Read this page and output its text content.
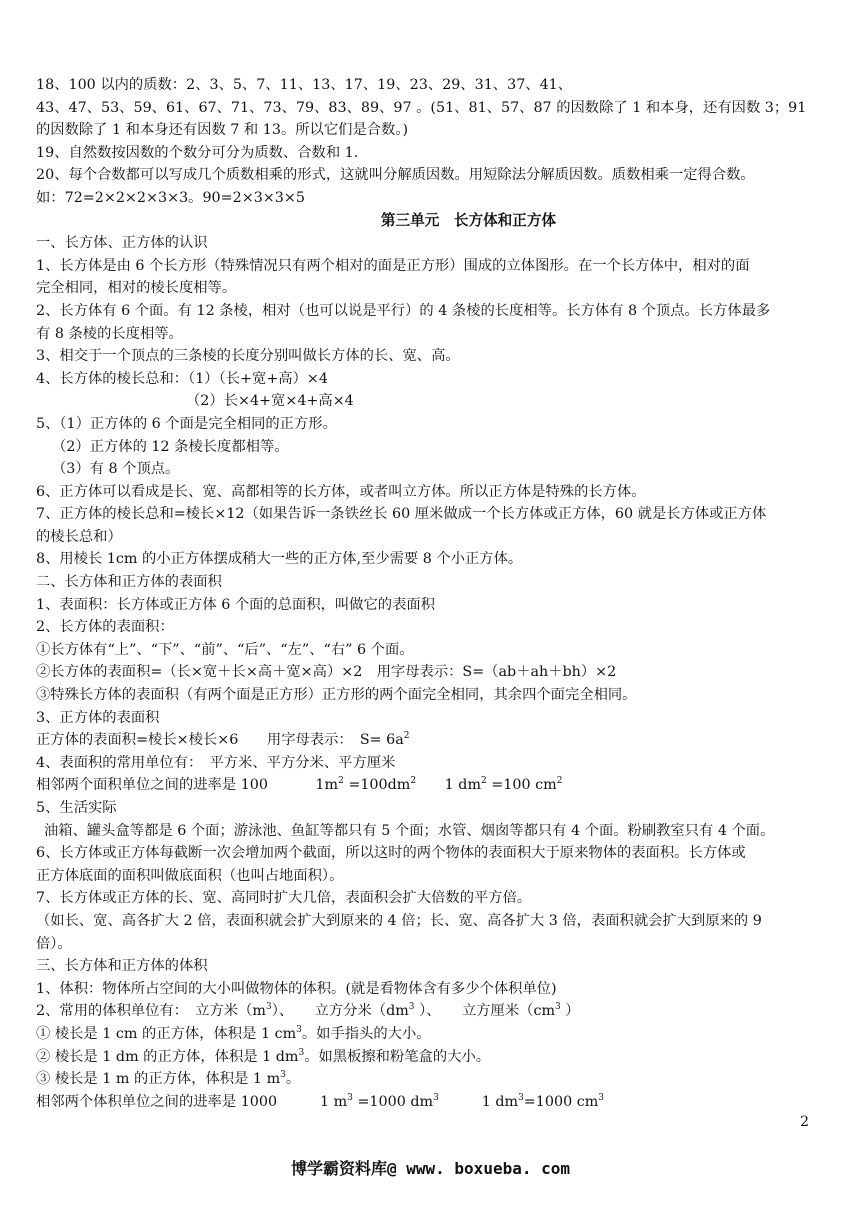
18、100 以内的质数：2、3、5、7、11、13、17、19、23、29、31、37、41、
43、47、53、59、61、67、71、73、79、83、89、97 。(51、81、57、87 的因数除了 1 和本身，还有因数 3；91
的因数除了 1 和本身还有因数 7 和 13。所以它们是合数。)
19、自然数按因数的个数分可分为质数、合数和 1.
20、每个合数都可以写成几个质数相乘的形式，这就叫分解质因数。用短除法分解质因数。质数相乘一定得合数。
如：72=2×2×2×3×3。90=2×3×3×5
第三单元　长方体和正方体
一、长方体、正方体的认识
1、长方体是由 6 个长方形（特殊情况只有两个相对的面是正方形）围成的立体图形。在一个长方体中，相对的面
完全相同，相对的棱长度相等。
2、长方体有 6 个面。有 12 条棱，相对（也可以说是平行）的 4 条棱的长度相等。长方体有 8 个顶点。长方体最多
有 8 条棱的长度相等。
3、相交于一个顶点的三条棱的长度分别叫做长方体的长、宽、高。
4、长方体的棱长总和：（1）（长+宽+高）×4
（2）长×4+宽×4+高×4
5、（1）正方体的 6 个面是完全相同的正方形。
（2）正方体的 12 条棱长度都相等。
（3）有 8 个顶点。
6、正方体可以看成是长、宽、高都相等的长方体，或者叫立方体。所以正方体是特殊的长方体。
7、正方体的棱长总和=棱长×12（如果告诉一条铁丝长 60 厘米做成一个长方体或正方体，60 就是长方体或正方体
的棱长总和）
8、用棱长 1cm 的小正方体摆成稍大一些的正方体,至少需要 8 个小正方体。
二、长方体和正方体的表面积
1、表面积：长方体或正方体 6 个面的总面积，叫做它的表面积
2、长方体的表面积：
①长方体有“上”、“下”、“前”、“后”、“左”、“右” 6 个面。
②长方体的表面积=（长×宽＋长×高＋宽×高）×2　用字母表示：S=（ab＋ah＋bh）×2
③特殊长方体的表面积（有两个面是正方形）正方形的两个面完全相同，其余四个面完全相同。
3、正方体的表面积
正方体的表面积=棱长×棱长×6　　用字母表示：　$S= 6a^2$
4、表面积的常用单位有：　平方米、平方分米、平方厘米
相邻两个面积单位之间的进率是 100　　　 $1m^2 =100dm^2$　　1 $dm^2 =100$ $cm^2$
5、生活实际
油箱、罐头盒等都是 6 个面；游泳池、鱼缸等都只有 5 个面；水管、烟囱等都只有 4 个面。粉刷教室只有 4 个面。
6、长方体或正方体每截断一次会增加两个截面，所以这时的两个物体的表面积大于原来物体的表面积。长方体或
正方体底面的面积叫做底面积（也叫占地面积）。
7、长方体或正方体的长、宽、高同时扩大几倍，表面积会扩大倍数的平方倍。
（如长、宽、高各扩大 2 倍，表面积就会扩大到原来的 4 倍；长、宽、高各扩大 3 倍，表面积就会扩大到原来的 9
倍）。
三、长方体和正方体的体积
1、体积：物体所占空间的大小叫做物体的体积。(就是看物体含有多少个体积单位)
2、常用的体积单位有：　立方米$(m^3)$、　　立方分米（$dm^3$ ）、　　立方厘米（$cm^3$ ）
① 棱长是 1 cm 的正方体，体积是 1 $cm^3$。如手指头的大小。
② 棱长是 1 dm 的正方体，体积是 1 $dm^3$。如黑板擦和粉笔盒的大小。
③ 棱长是 1 m 的正方体，体积是 1 $m^3$。
相邻两个体积单位之间的进率是 1000　　　1 $m^3 =1000$ $dm^3$　　　1 $dm^3=1000$ $cm^3$
2
博学霸资料库@ www. boxueba. com
